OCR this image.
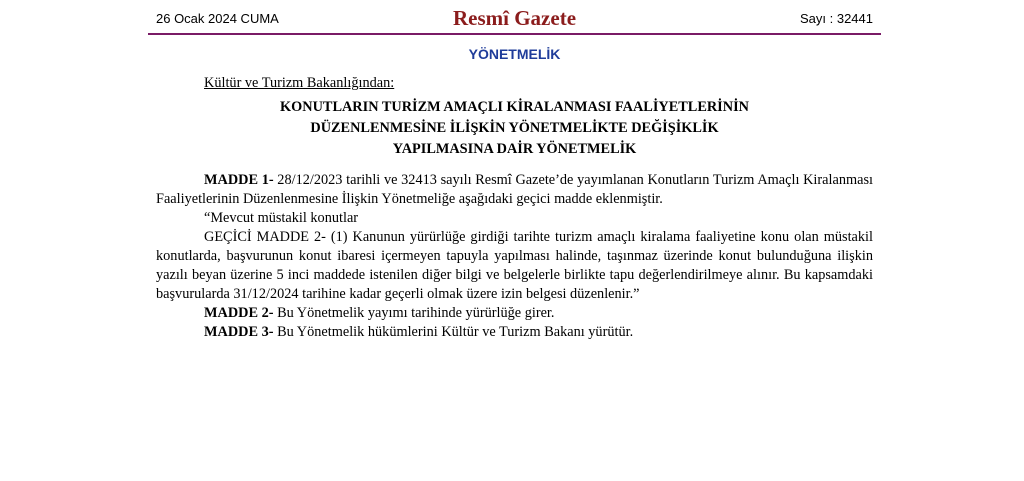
26 Ocak 2024 CUMA	Resmî Gazete	Sayı : 32441
YÖNETMELİK

Kültür ve Turizm Bakanlığından:

KONUTLARIN TURİZM AMAÇLI KİRALANMASI FAALİYETLERİNİN
DÜZENLENMESİNE İLİŞKİN YÖNETMELİKTE DEĞİŞİKLİK
YAPILMASINA DAİR YÖNETMELİK

MADDE 1- 28/12/2023 tarihli ve 32413 sayılı Resmî Gazete’de yayımlanan Konutların Turizm Amaçlı Kiralanması Faaliyetlerinin Düzenlenmesine İlişkin Yönetmeliğe aşağıdaki geçici madde eklenmiştir.

“Mevcut müstakil konutlar

GEÇİCİ MADDE 2- (1) Kanunun yürürlüğe girdiği tarihte turizm amaçlı kiralama faaliyetine konu olan müstakil konutlarda, başvurunun konut ibaresi içermeyen tapuyla yapılması halinde, taşınmaz üzerinde konut bulunduğuna ilişkin yazılı beyan üzerine 5 inci maddede istenilen diğer bilgi ve belgelerle birlikte tapu değerlendirilmeye alınır. Bu kapsamdaki başvurularda 31/12/2024 tarihine kadar geçerli olmak üzere izin belgesi düzenlenir.”

MADDE 2- Bu Yönetmelik yayımı tarihinde yürürlüğe girer.

MADDE 3- Bu Yönetmelik hükümlerini Kültür ve Turizm Bakanı yürütür.
